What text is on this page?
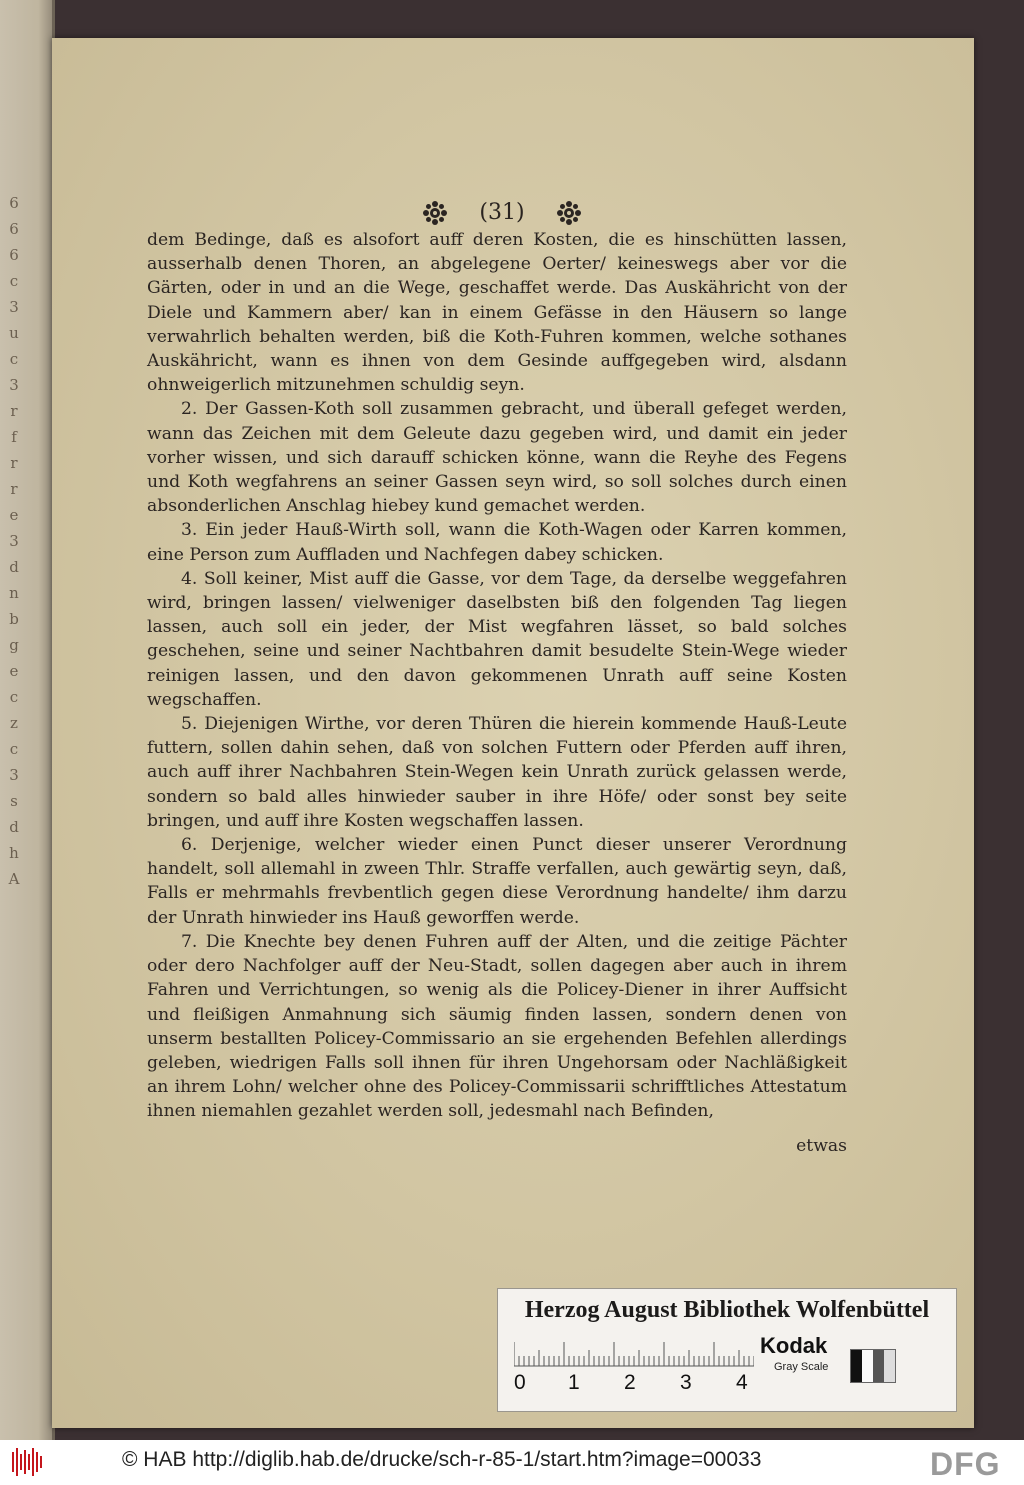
6
6
6
c
3
u
c
3
r
f
r
r
e
3
d
n
b
g
e
c
z
c
3
s
d
h
A
(31)

dem Bedinge, daß es alsofort auff deren Kosten, die es hinschütten lassen, ausserhalb denen Thoren, an abgelegene Oerter/ keineswegs aber vor die Gärten, oder in und an die Wege, geschaffet werde. Das Auskähricht von der Diele und Kammern aber/ kan in einem Gefässe in den Häusern so lange verwahrlich behalten werden, biß die Koth-Fuhren kommen, welche sothanes Auskähricht, wann es ihnen von dem Gesinde auffgegeben wird, alsdann ohnweigerlich mitzunehmen schuldig seyn.

2. Der Gassen-Koth soll zusammen gebracht, und überall gefeget werden, wann das Zeichen mit dem Geleute dazu gegeben wird, und damit ein jeder vorher wissen, und sich darauff schicken könne, wann die Reyhe des Fegens und Koth wegfahrens an seiner Gassen seyn wird, so soll solches durch einen absonderlichen Anschlag hiebey kund gemachet werden.

3. Ein jeder Hauß-Wirth soll, wann die Koth-Wagen oder Karren kommen, eine Person zum Auffladen und Nachfegen dabey schicken.

4. Soll keiner, Mist auff die Gasse, vor dem Tage, da derselbe weggefahren wird, bringen lassen/ vielweniger daselbsten biß den folgenden Tag liegen lassen, auch soll ein jeder, der Mist wegfahren lässet, so bald solches geschehen, seine und seiner Nachtbahren damit besudelte Stein-Wege wieder reinigen lassen, und den davon gekommenen Unrath auff seine Kosten wegschaffen.

5. Diejenigen Wirthe, vor deren Thüren die hierein kommende Hauß-Leute futtern, sollen dahin sehen, daß von solchen Futtern oder Pferden auff ihren, auch auff ihrer Nachbahren Stein-Wegen kein Unrath zurück gelassen werde, sondern so bald alles hinwieder sauber in ihre Höfe/ oder sonst bey seite bringen, und auff ihre Kosten wegschaffen lassen.

6. Derjenige, welcher wieder einen Punct dieser unserer Verordnung handelt, soll allemahl in zween Thlr. Straffe verfallen, auch gewärtig seyn, daß, Falls er mehrmahls frevbentlich gegen diese Verordnung handelte/ ihm darzu der Unrath hinwieder ins Hauß geworffen werde.

7. Die Knechte bey denen Fuhren auff der Alten, und die zeitige Pächter oder dero Nachfolger auff der Neu-Stadt, sollen dagegen aber auch in ihrem Fahren und Verrichtungen, so wenig als die Policey-Diener in ihrer Auffsicht und fleißigen Anmahnung sich säumig finden lassen, sondern denen von unserm bestallten Policey-Commissario an sie ergehenden Befehlen allerdings geleben, wiedrigen Falls soll ihnen für ihren Ungehorsam oder Nachläßigkeit an ihrem Lohn/ welcher ohne des Policey-Commissarii schrifftliches Attestatum ihnen niemahlen gezahlet werden soll, jedesmahl nach Befinden,

etwas
Herzog August Bibliothek Wolfenbüttel
0 1 2 3 4
Kodak
Gray Scale
© HAB http://diglib.hab.de/drucke/sch-r-85-1/start.htm?image=00033	DFG
